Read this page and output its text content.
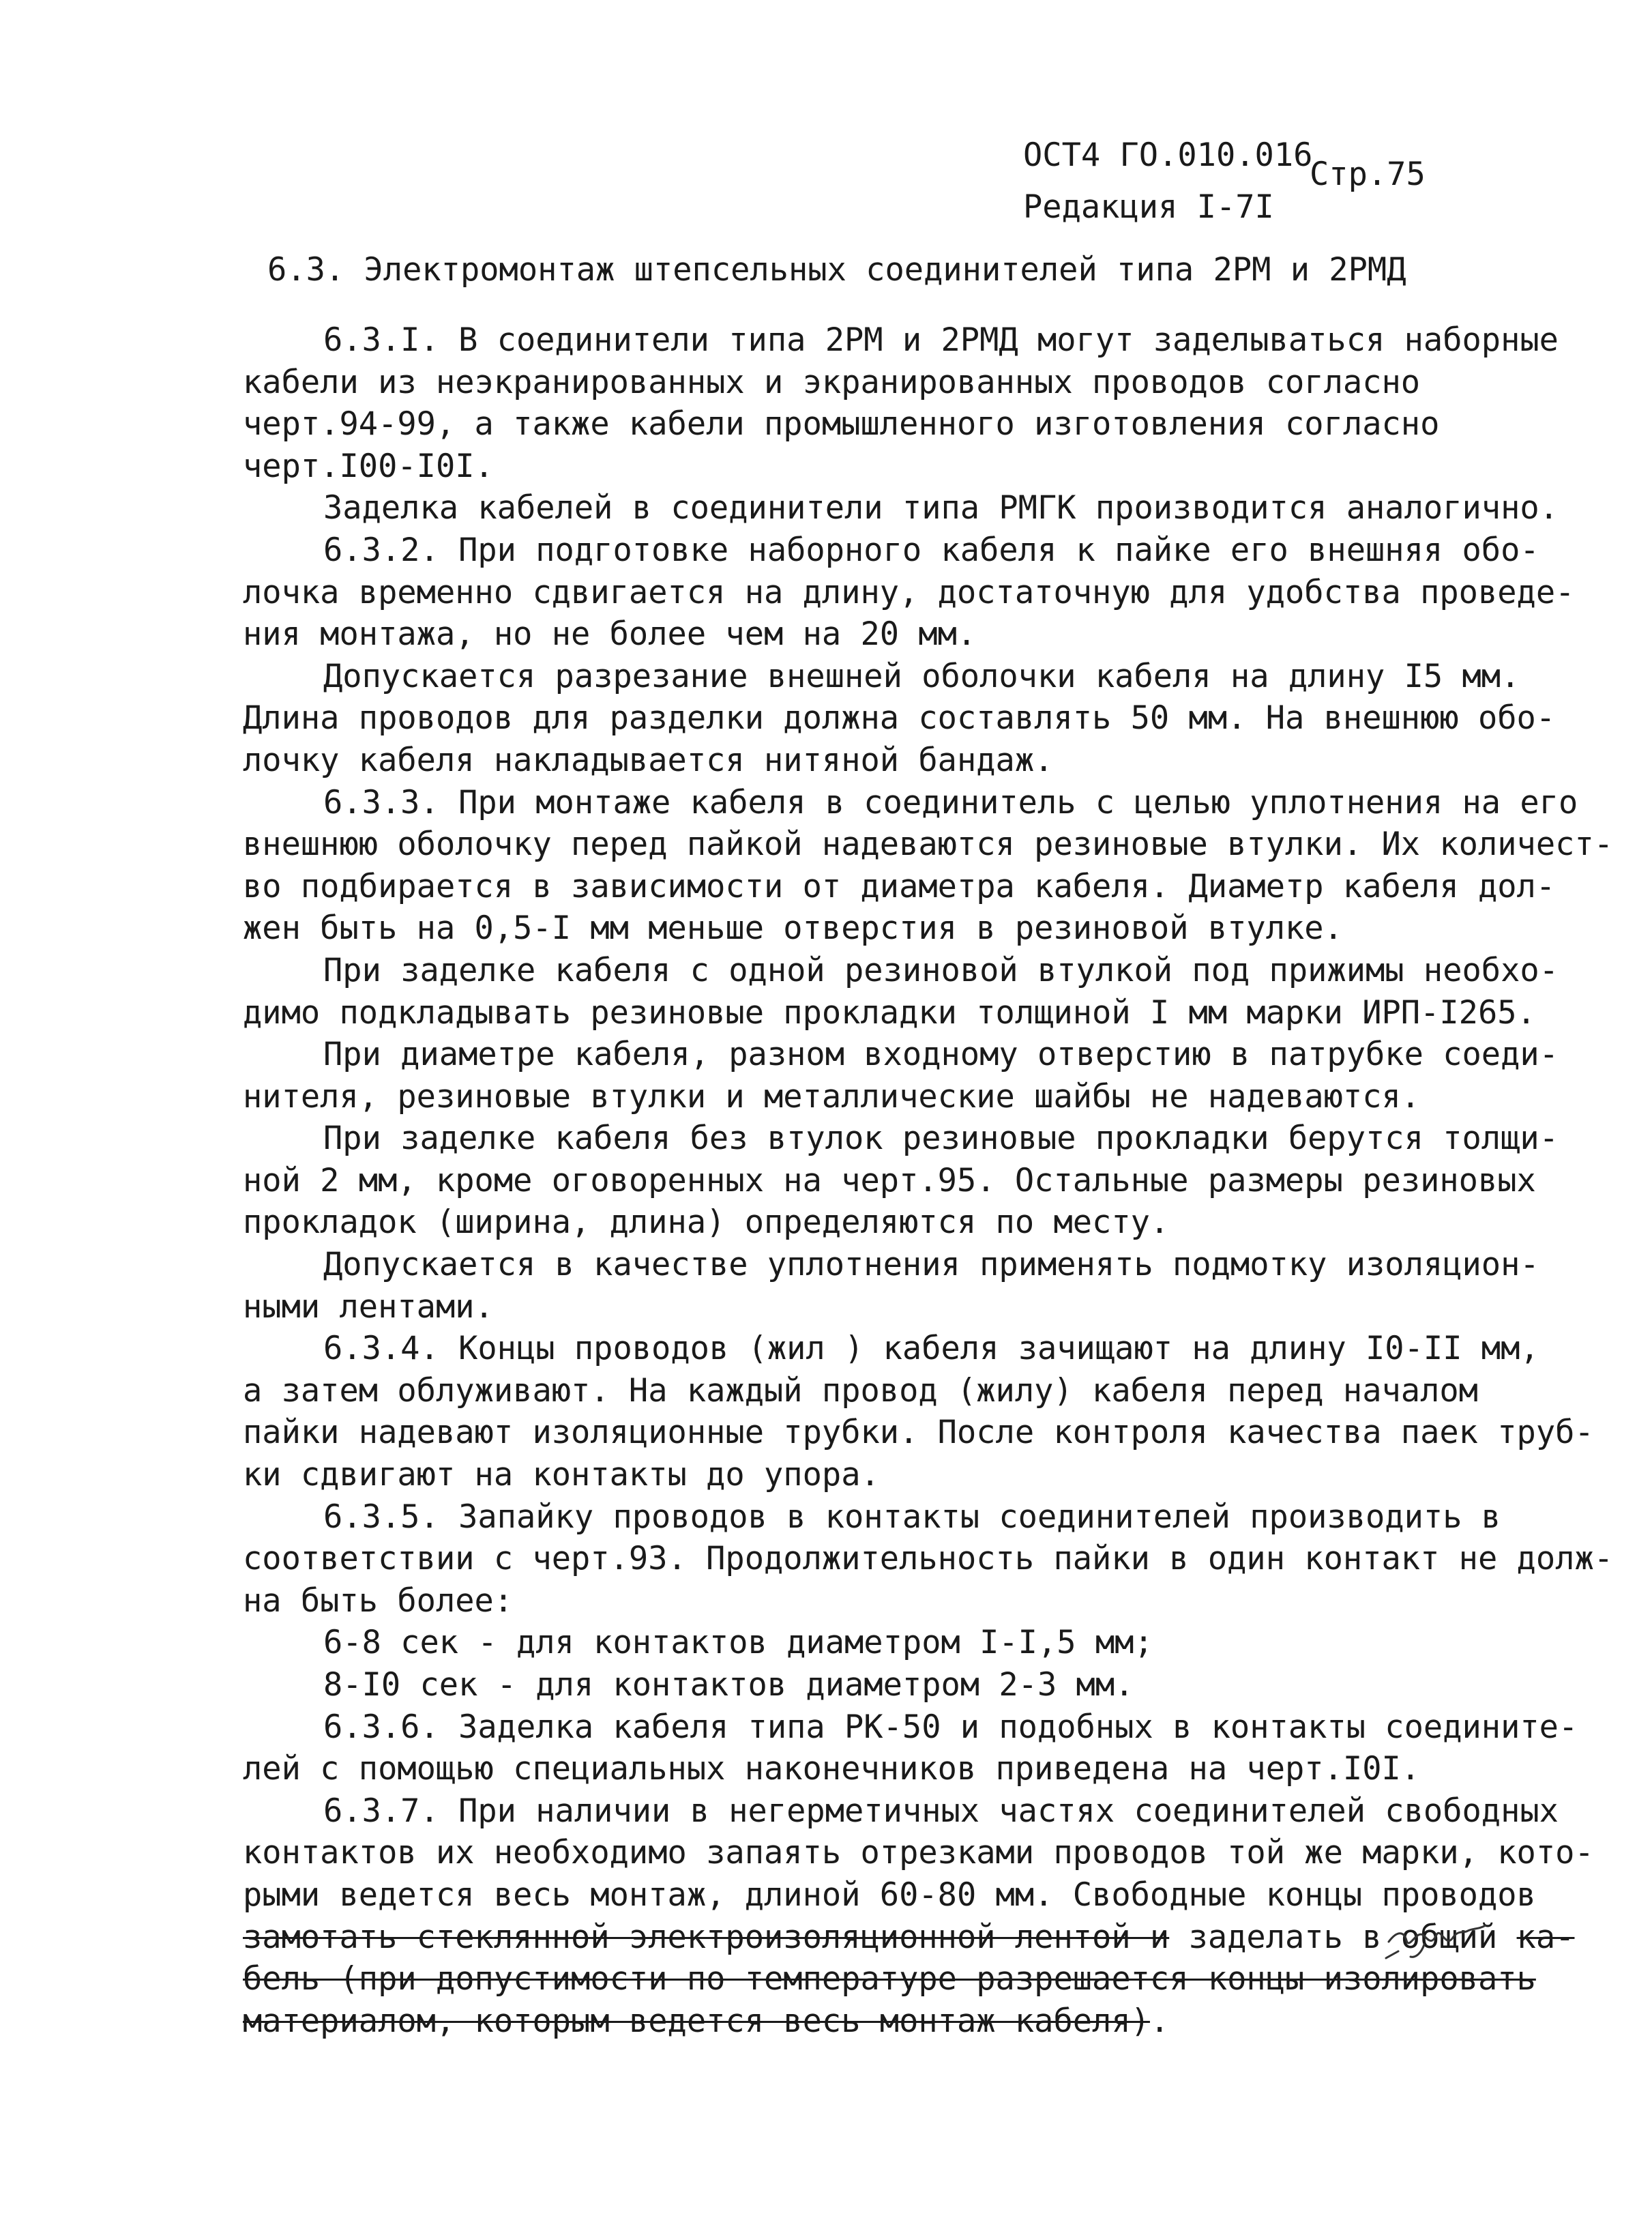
ОСТ4 ГО.010.016
Редакция I-7I
Стр.75
6.3. Электромонтаж штепсельных соединителей типа 2РМ и 2РМД
6.3.I. В соединители типа 2РМ и 2РМД могут заделываться наборные
кабели из неэкранированных и экранированных проводов согласно
черт.94-99, а также кабели промышленного изготовления согласно
черт.I00-I0I.
Заделка кабелей в соединители типа РМГК производится аналогично.
6.3.2. При подготовке наборного кабеля к пайке его внешняя обо-
лочка временно сдвигается на длину, достаточную для удобства проведе-
ния монтажа, но не более чем на 20 мм.
Допускается разрезание внешней оболочки кабеля на длину I5 мм.
Длина проводов для разделки должна составлять 50 мм. На внешнюю обо-
лочку кабеля накладывается нитяной бандаж.
6.3.3. При монтаже кабеля в соединитель с целью уплотнения на его
внешнюю оболочку перед пайкой надеваются резиновые втулки. Их количест-
во подбирается в зависимости от диаметра кабеля. Диаметр кабеля дол-
жен быть на 0,5-I мм меньше отверстия в резиновой втулке.
При заделке кабеля с одной резиновой втулкой под прижимы необхо-
димо подкладывать резиновые прокладки толщиной I мм марки ИРП-I265.
При диаметре кабеля, разном входному отверстию в патрубке соеди-
нителя, резиновые втулки и металлические шайбы не надеваются.
При заделке кабеля без втулок резиновые прокладки берутся толщи-
ной 2 мм, кроме оговоренных на черт.95. Остальные размеры резиновых
прокладок (ширина, длина) определяются по месту.
Допускается в качестве уплотнения применять подмотку изоляцион-
ными лентами.
6.3.4. Концы проводов (жил ) кабеля зачищают на длину I0-II мм,
а затем облуживают. На каждый провод (жилу) кабеля перед началом
пайки надевают изоляционные трубки. После контроля качества паек труб-
ки сдвигают на контакты до упора.
6.3.5. Запайку проводов в контакты соединителей производить в
соответствии с черт.93. Продолжительность пайки в один контакт не долж-
на быть более:
6-8 сек - для контактов диаметром I-I,5 мм;
8-I0 сек - для контактов диаметром 2-3 мм.
6.3.6. Заделка кабеля типа РК-50 и подобных в контакты соедините-
лей с помощью специальных наконечников приведена на черт.I0I.
6.3.7. При наличии в негерметичных частях соединителей свободных
контактов их необходимо запаять отрезками проводов той же марки, кото-
рыми ведется весь монтаж, длиной 60-80 мм. Свободные концы проводов
замотать стеклянной электроизоляционной лентой и заделать в общий ка-
бель (при допустимости по температуре разрешается концы изолировать
материалом, которым ведется весь монтаж кабеля).
жгут
